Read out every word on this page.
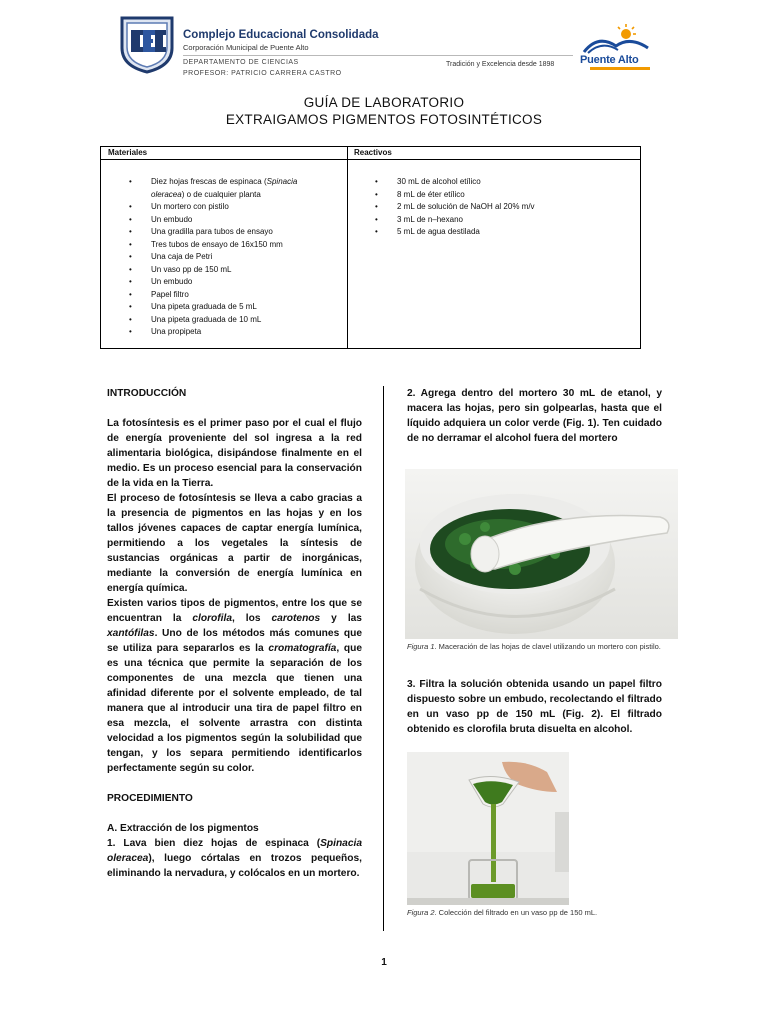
Complejo Educacional Consolidada
Corporación Municipal de Puente Alto
DEPARTAMENTO DE CIENCIAS
PROFESOR: PATRICIO CARRERA CASTRO
Tradición y Excelencia desde 1898 Puente Alto
GUÍA DE LABORATORIO
EXTRAIGAMOS PIGMENTOS FOTOSINTÉTICOS
Materiales	Reactivos
• Diez hojas frescas de espinaca (Spinacia
oleracea) o de cualquier planta
• Un mortero con pistilo
• Un embudo
• Una gradilla para tubos de ensayo
• Tres tubos de ensayo de 16x150 mm
• Una caja de Petri
• Un vaso pp de 150 mL
• Un embudo
• Papel filtro
• Una pipeta graduada de 5 mL
• Una pipeta graduada de 10 mL
• Una propipeta
• 30 mL de alcohol etílico
• 8 mL de éter etílico
• 2 mL de solución de NaOH al 20% m/v
• 3 mL de n–hexano
• 5 mL de agua destilada

INTRODUCCIÓN

La fotosíntesis es el primer paso por el cual el flujo de energía proveniente del sol ingresa a la red alimentaria biológica, disipándose finalmente en el medio. Es un proceso esencial para la conservación de la vida en la Tierra.

El proceso de fotosíntesis se lleva a cabo gracias a la presencia de pigmentos en las hojas y en los tallos jóvenes capaces de captar energía lumínica, permitiendo a los vegetales la síntesis de sustancias orgánicas a partir de inorgánicas, mediante la conversión de energía lumínica en energía química.

Existen varios tipos de pigmentos, entre los que se encuentran la clorofila, los carotenos y las xantófilas. Uno de los métodos más comunes que se utiliza para separarlos es la cromatografía, que es una técnica que permite la separación de los componentes de una mezcla que tienen una afinidad diferente por el solvente empleado, de tal manera que al introducir una tira de papel filtro en esa mezcla, el solvente arrastra con distinta velocidad a los pigmentos según la solubilidad que tengan, y los separa permitiendo identificarlos perfectamente según su color.

PROCEDIMIENTO

A. Extracción de los pigmentos

1. Lava bien diez hojas de espinaca (Spinacia oleracea), luego córtalas en trozos pequeños, eliminando la nervadura, y colócalos en un mortero.

2. Agrega dentro del mortero 30 mL de etanol, y macera las hojas, pero sin golpearlas, hasta que el líquido adquiera un color verde (Fig. 1). Ten cuidado de no derramar el alcohol fuera del mortero
Figura 1. Maceración de las hojas de clavel utilizando un mortero con pistilo.
3. Filtra la solución obtenida usando un papel filtro dispuesto sobre un embudo, recolectando el filtrado en un vaso pp de 150 mL (Fig. 2). El filtrado obtenido es clorofila bruta disuelta en alcohol.
Figura 2. Colección del filtrado en un vaso pp de 150 mL.
1
